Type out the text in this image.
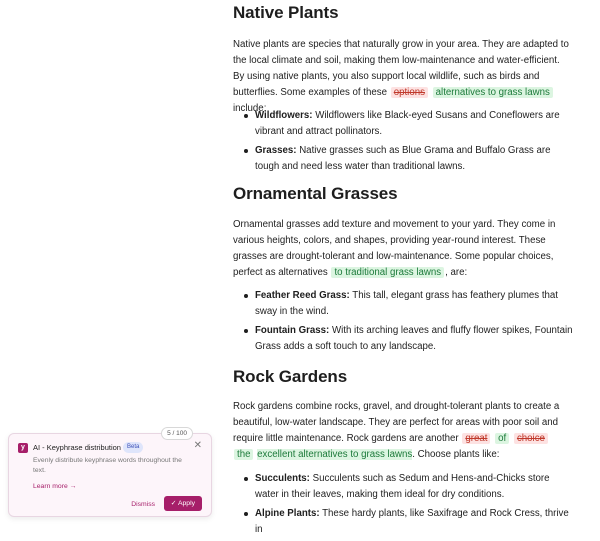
Native Plants

Native plants are species that naturally grow in your area. They are adapted to the local climate and soil, making them low-maintenance and water-efficient. By using native plants, you also support local wildlife, such as birds and butterflies. Some examples of these options alternatives to grass lawns include:

Wildflowers: Wildflowers like Black-eyed Susans and Coneflowers are vibrant and attract pollinators.
Grasses: Native grasses such as Blue Grama and Buffalo Grass are tough and need less water than traditional lawns.
Ornamental Grasses

Ornamental grasses add texture and movement to your yard. They come in various heights, colors, and shapes, providing year-round interest. These grasses are drought-tolerant and low-maintenance. Some popular choices, perfect as alternatives to traditional grass lawns , are:

Feather Reed Grass: This tall, elegant grass has feathery plumes that sway in the wind.
Fountain Grass: With its arching leaves and fluffy flower spikes, Fountain Grass adds a soft touch to any landscape.
Rock Gardens

Rock gardens combine rocks, gravel, and drought-tolerant plants to create a beautiful, low-water landscape. They are perfect for areas with poor soil and require little maintenance. Rock gardens are another great of choice the excellent alternatives to grass lawns. Choose plants like:

Succulents: Succulents such as Sedum and Hens-and-Chicks store water in their leaves, making them ideal for dry conditions.
Alpine Plants: These hardy plants, like Saxifrage and Rock Cress, thrive in
5 / 100
y	AI - Keyphrase distribution	Beta	✕
Evenly distribute keyphrase words throughout the text.
Learn more →
Dismiss	✓ Apply
